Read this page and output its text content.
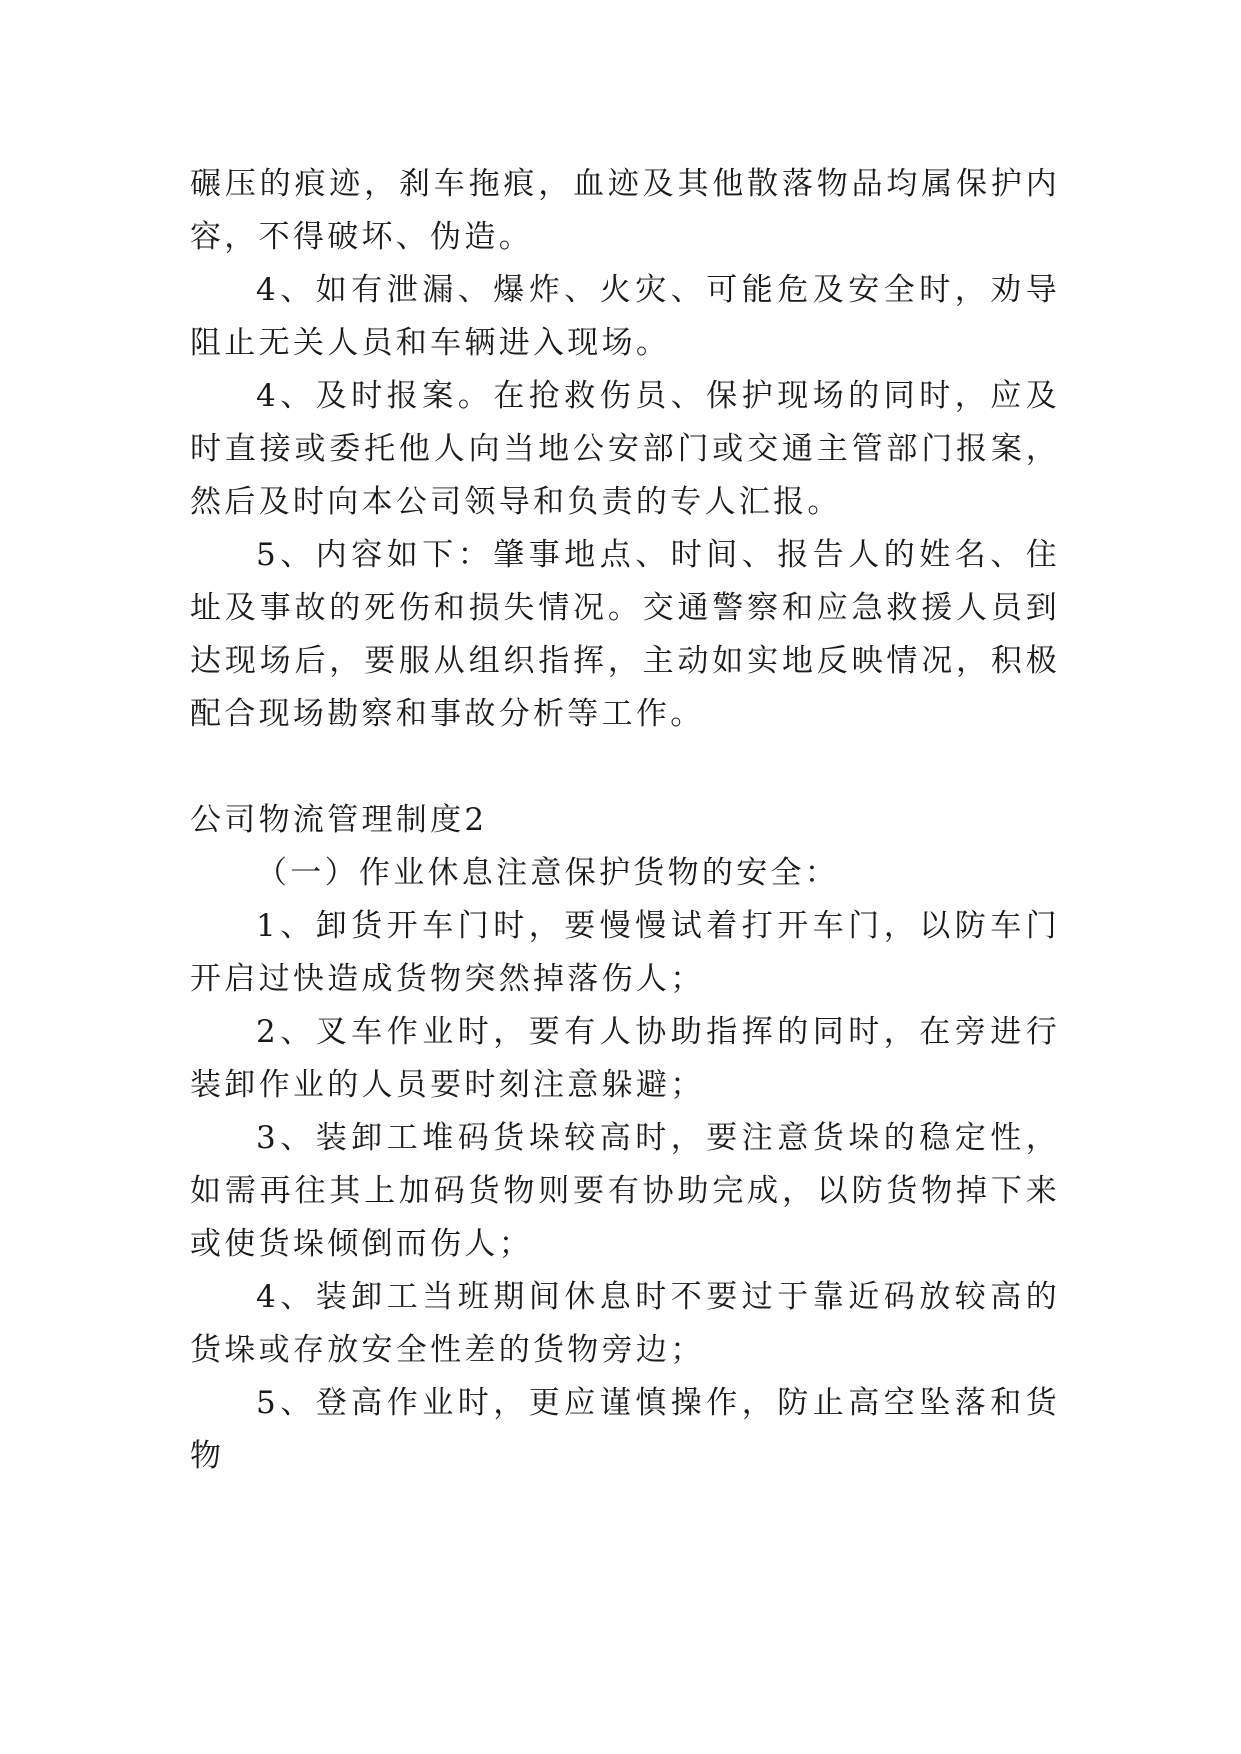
碾压的痕迹，刹车拖痕，血迹及其他散落物品均属保护内容，不得破坏、伪造。

4、如有泄漏、爆炸、火灾、可能危及安全时，劝导阻止无关人员和车辆进入现场。

4、及时报案。在抢救伤员、保护现场的同时，应及时直接或委托他人向当地公安部门或交通主管部门报案，然后及时向本公司领导和负责的专人汇报。

5、内容如下：肇事地点、时间、报告人的姓名、住址及事故的死伤和损失情况。交通警察和应急救援人员到达现场后，要服从组织指挥，主动如实地反映情况，积极配合现场勘察和事故分析等工作。

公司物流管理制度2

（一）作业休息注意保护货物的安全：

1、卸货开车门时，要慢慢试着打开车门，以防车门开启过快造成货物突然掉落伤人；

2、叉车作业时，要有人协助指挥的同时，在旁进行装卸作业的人员要时刻注意躲避；

3、装卸工堆码货垛较高时，要注意货垛的稳定性，如需再往其上加码货物则要有协助完成，以防货物掉下来或使货垛倾倒而伤人；

4、装卸工当班期间休息时不要过于靠近码放较高的货垛或存放安全性差的货物旁边；

5、登高作业时，更应谨慎操作，防止高空坠落和货物
